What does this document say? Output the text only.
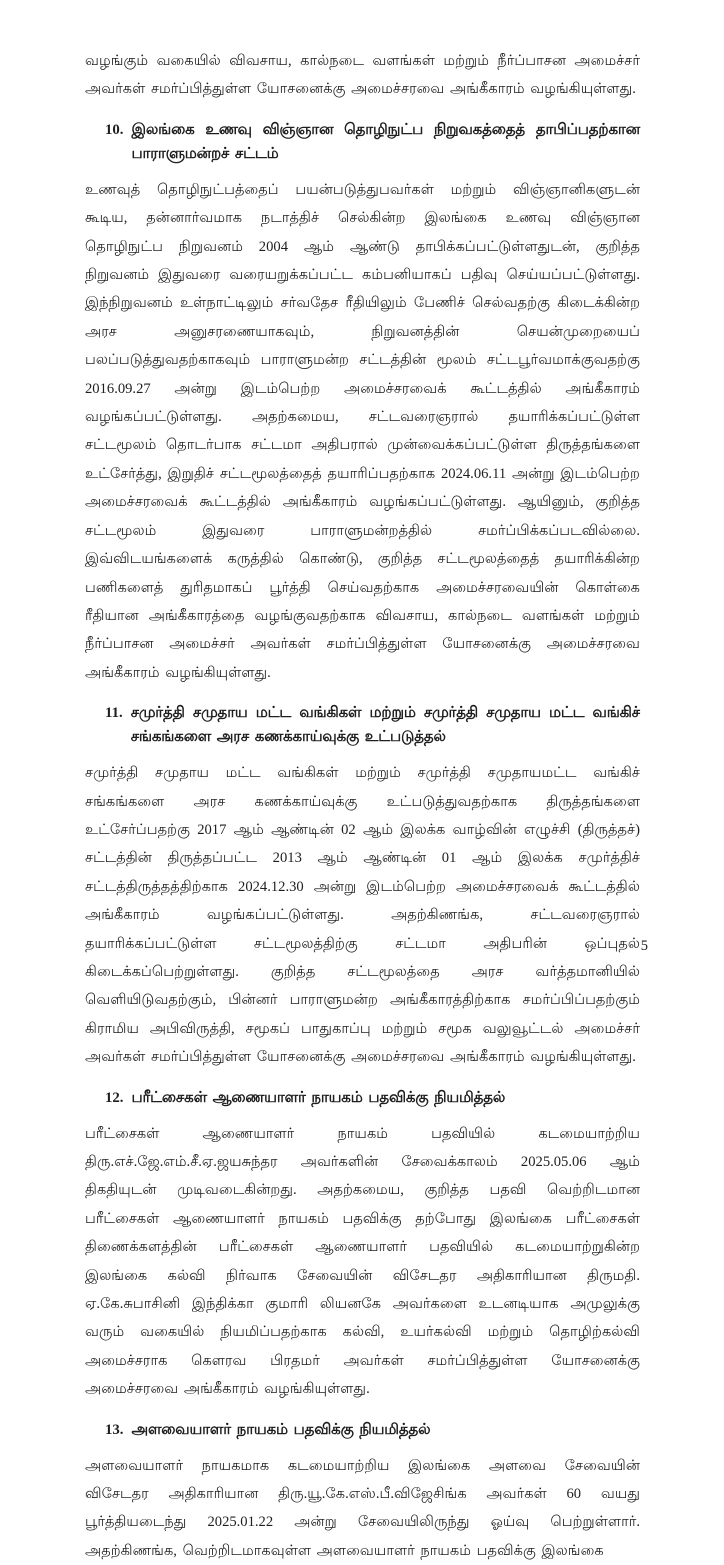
வழங்கும் வகையில் விவசாய, கால்நடை வளங்கள் மற்றும் நீர்ப்பாசன அமைச்சர் அவர்கள் சமர்ப்பித்துள்ள யோசனைக்கு அமைச்சரவை அங்கீகாரம் வழங்கியுள்ளது.

10. இலங்கை உணவு விஞ்ஞான தொழிநுட்ப நிறுவகத்தைத் தாபிப்பதற்கான பாராளுமன்றச் சட்டம்

உணவுத் தொழிநுட்பத்தைப் பயன்படுத்துபவர்கள் மற்றும் விஞ்ஞானிகளுடன் கூடிய, தன்னார்வமாக நடாத்திச் செல்கின்ற இலங்கை உணவு விஞ்ஞான தொழிநுட்ப நிறுவனம் 2004 ஆம் ஆண்டு தாபிக்கப்பட்டுள்ளதுடன், குறித்த நிறுவனம் இதுவரை வரையறுக்கப்பட்ட கம்பனியாகப் பதிவு செய்யப்பட்டுள்ளது. இந்நிறுவனம் உள்நாட்டிலும் சர்வதேச ரீதியிலும் பேணிச் செல்வதற்கு கிடைக்கின்ற அரச அனுசரணையாகவும், நிறுவனத்தின் செயன்முறையைப் பலப்படுத்துவதற்காகவும் பாராளுமன்ற சட்டத்தின் மூலம் சட்டபூர்வமாக்குவதற்கு 2016.09.27 அன்று இடம்பெற்ற அமைச்சரவைக் கூட்டத்தில் அங்கீகாரம் வழங்கப்பட்டுள்ளது. அதற்கமைய, சட்டவரைஞரால் தயாரிக்கப்பட்டுள்ள சட்டமூலம் தொடர்பாக சட்டமா அதிபரால் முன்வைக்கப்பட்டுள்ள திருத்தங்களை உட்சேர்த்து, இறுதிச் சட்டமூலத்தைத் தயாரிப்பதற்காக 2024.06.11 அன்று இடம்பெற்ற அமைச்சரவைக் கூட்டத்தில் அங்கீகாரம் வழங்கப்பட்டுள்ளது. ஆயினும், குறித்த சட்டமூலம் இதுவரை பாராளுமன்றத்தில் சமர்ப்பிக்கப்படவில்லை. இவ்விடயங்களைக் கருத்தில் கொண்டு, குறித்த சட்டமூலத்தைத் தயாரிக்கின்ற பணிகளைத் துரிதமாகப் பூர்த்தி செய்வதற்காக அமைச்சரவையின் கொள்கை ரீதியான அங்கீகாரத்தை வழங்குவதற்காக விவசாய, கால்நடை வளங்கள் மற்றும் நீர்ப்பாசன அமைச்சர் அவர்கள் சமர்ப்பித்துள்ள யோசனைக்கு அமைச்சரவை அங்கீகாரம் வழங்கியுள்ளது.

11. சமுர்த்தி சமுதாய மட்ட வங்கிகள் மற்றும் சமுர்த்தி சமுதாய மட்ட வங்கிச் சங்கங்களை அரச கணக்காய்வுக்கு உட்படுத்தல்

சமுர்த்தி சமுதாய மட்ட வங்கிகள் மற்றும் சமுர்த்தி சமுதாயமட்ட வங்கிச் சங்கங்களை அரச கணக்காய்வுக்கு உட்படுத்துவதற்காக திருத்தங்களை உட்சேர்ப்பதற்கு 2017 ஆம் ஆண்டின் 02 ஆம் இலக்க வாழ்வின் எழுச்சி (திருத்தச்) சட்டத்தின் திருத்தப்பட்ட 2013 ஆம் ஆண்டின் 01 ஆம் இலக்க சமுர்த்திச் சட்டத்திருத்தத்திற்காக 2024.12.30 அன்று இடம்பெற்ற அமைச்சரவைக் கூட்டத்தில் அங்கீகாரம் வழங்கப்பட்டுள்ளது. அதற்கிணங்க, சட்டவரைஞரால் தயாரிக்கப்பட்டுள்ள சட்டமூலத்திற்கு சட்டமா அதிபரின் ஒப்புதல் கிடைக்கப்பெற்றுள்ளது. குறித்த சட்டமூலத்தை அரச வர்த்தமானியில் வெளியிடுவதற்கும், பின்னர் பாராளுமன்ற அங்கீகாரத்திற்காக சமர்ப்பிப்பதற்கும் கிராமிய அபிவிருத்தி, சமூகப் பாதுகாப்பு மற்றும் சமூக வலுவூட்டல் அமைச்சர் அவர்கள் சமர்ப்பித்துள்ள யோசனைக்கு அமைச்சரவை அங்கீகாரம் வழங்கியுள்ளது.

12. பரீட்சைகள் ஆணையாளர் நாயகம் பதவிக்கு நியமித்தல்

பரீட்சைகள் ஆணையாளர் நாயகம் பதவியில் கடமையாற்றிய திரு.எச்.ஜே.எம்.சீ.ஏ.ஜயசுந்தர அவர்களின் சேவைக்காலம் 2025.05.06 ஆம் திகதியுடன் முடிவடைகின்றது. அதற்கமைய, குறித்த பதவி வெற்றிடமான பரீட்சைகள் ஆணையாளர் நாயகம் பதவிக்கு தற்போது இலங்கை பரீட்சைகள் திணைக்களத்தின் பரீட்சைகள் ஆணையாளர் பதவியில் கடமையாற்றுகின்ற இலங்கை கல்வி நிர்வாக சேவையின் விசேடதர அதிகாரியான திருமதி. ஏ.கே.சுபாசினி இந்திக்கா குமாரி லியனகே அவர்களை உடனடியாக அமுலுக்கு வரும் வகையில் நியமிப்பதற்காக கல்வி, உயர்கல்வி மற்றும் தொழிற்கல்வி அமைச்சராக கௌரவ பிரதமர் அவர்கள் சமர்ப்பித்துள்ள யோசனைக்கு அமைச்சரவை அங்கீகாரம் வழங்கியுள்ளது.

13. அளவையாளர் நாயகம் பதவிக்கு நியமித்தல்

அளவையாளர் நாயகமாக கடமையாற்றிய இலங்கை அளவை சேவையின் விசேடதர அதிகாரியான திரு.யூ.கே.எஸ்.பீ.விஜேசிங்க அவர்கள் 60 வயது பூர்த்தியடைந்து 2025.01.22 அன்று சேவையிலிருந்து ஓய்வு பெற்றுள்ளார். அதற்கிணங்க, வெற்றிடமாகவுள்ள அளவையாளர் நாயகம் பதவிக்கு இலங்கை

5
